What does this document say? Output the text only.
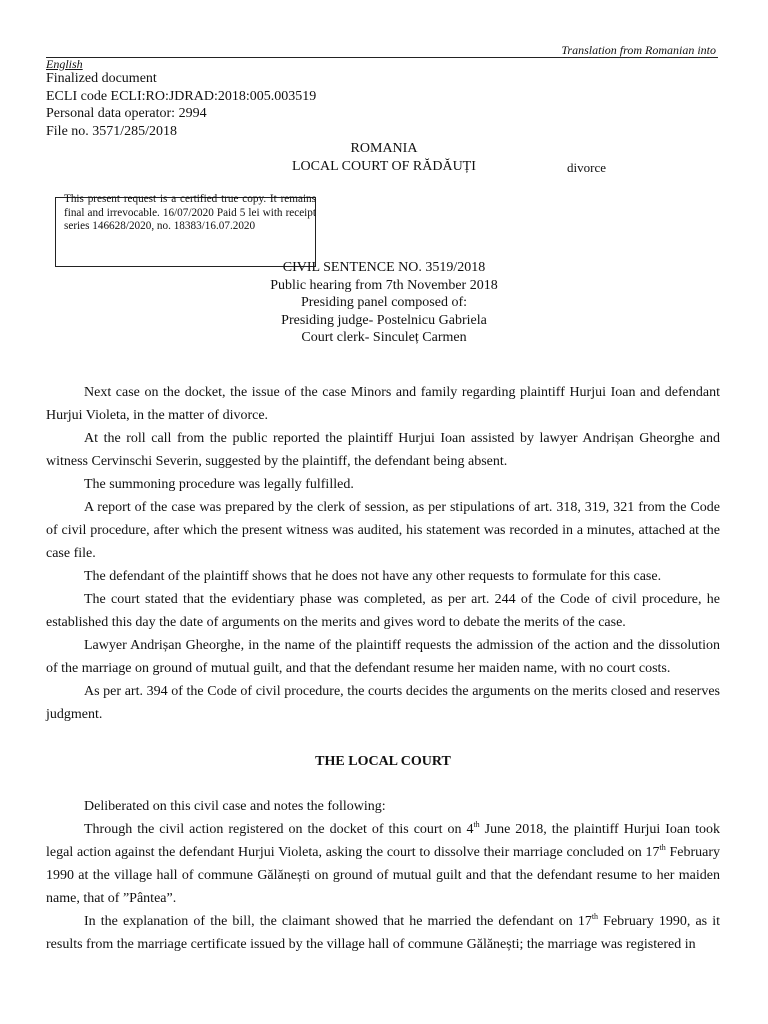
Translation from Romanian into
English
Finalized document
ECLI code ECLI:RO:JDRAD:2018:005.003519
Personal data operator: 2994
File no. 3571/285/2018
ROMANIA
LOCAL COURT OF RĂDĂUȚI	divorce
This present request is a certified true copy. It remains final and irrevocable. 16/07/2020 Paid 5 lei with receipt series 146628/2020, no. 18383/16.07.2020
CIVIL SENTENCE NO. 3519/2018
Public hearing from 7th November 2018
Presiding panel composed of:
Presiding judge- Postelnicu Gabriela
Court clerk- Sinculeț Carmen

Next case on the docket, the issue of the case Minors and family regarding plaintiff Hurjui Ioan and defendant Hurjui Violeta, in the matter of divorce.

At the roll call from the public reported the plaintiff Hurjui Ioan assisted by lawyer Andrișan Gheorghe and witness Cervinschi Severin, suggested by the plaintiff, the defendant being absent.

The summoning procedure was legally fulfilled.

A report of the case was prepared by the clerk of session, as per stipulations of art. 318, 319, 321 from the Code of civil procedure, after which the present witness was audited, his statement was recorded in a minutes, attached at the case file.

The defendant of the plaintiff shows that he does not have any other requests to formulate for this case.

The court stated that the evidentiary phase was completed, as per art. 244 of the Code of civil procedure, he established this day the date of arguments on the merits and gives word to debate the merits of the case.

Lawyer Andrișan Gheorghe, in the name of the plaintiff requests the admission of the action and the dissolution of the marriage on ground of mutual guilt, and that the defendant resume her maiden name, with no court costs.

As per art. 394 of the Code of civil procedure, the courts decides the arguments on the merits closed and reserves judgment.

THE LOCAL COURT

Deliberated on this civil case and notes the following:

Through the civil action registered on the docket of this court on 4th June 2018, the plaintiff Hurjui Ioan took legal action against the defendant Hurjui Violeta, asking the court to dissolve their marriage concluded on 17th February 1990 at the village hall of commune Gălănești on ground of mutual guilt and that the defendant resume to her maiden name, that of ”Pântea”.

In the explanation of the bill, the claimant showed that he married the defendant on 17th February 1990, as it results from the marriage certificate issued by the village hall of commune Gălănești; the marriage was registered in
